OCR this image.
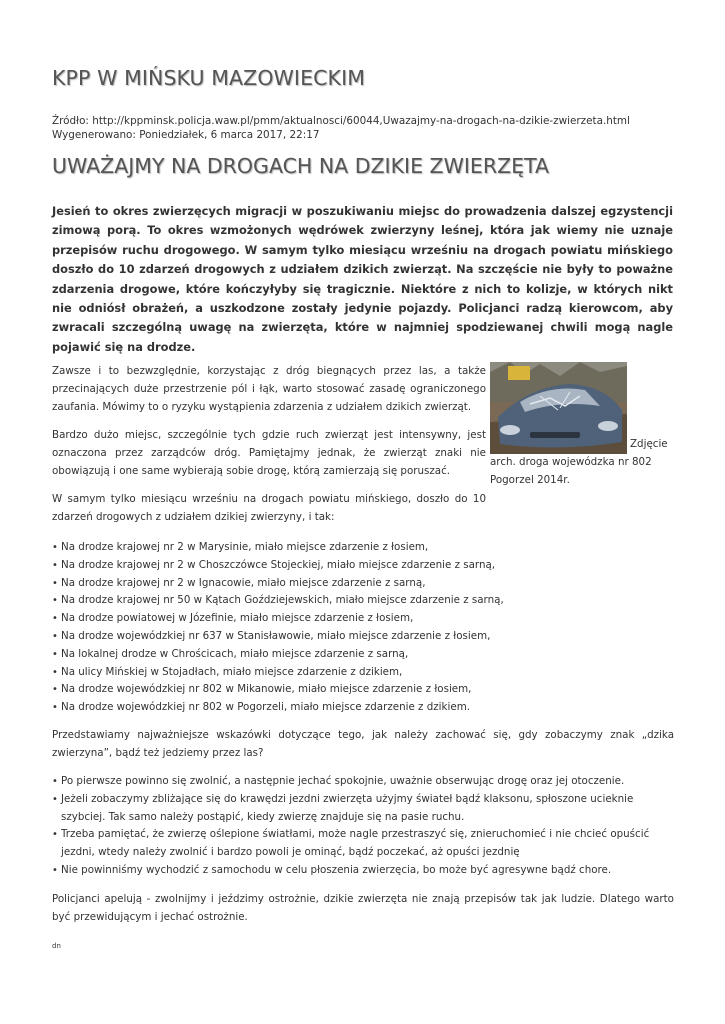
KPP W MIŃSKU MAZOWIECKIM
Źródło: http://kppminsk.policja.waw.pl/pmm/aktualnosci/60044,Uwazajmy-na-drogach-na-dzikie-zwierzeta.html
Wygenerowano: Poniedziałek, 6 marca 2017, 22:17
UWAŻAJMY NA DROGACH NA DZIKIE ZWIERZĘTA

Jesień to okres zwierzęcych migracji w poszukiwaniu miejsc do prowadzenia dalszej egzystencji zimową porą. To okres wzmożonych wędrówek zwierzyny leśnej, która jak wiemy nie uznaje przepisów ruchu drogowego. W samym tylko miesiącu wrześniu na drogach powiatu mińskiego doszło do 10 zdarzeń drogowych z udziałem dzikich zwierząt. Na szczęście nie były to poważne zdarzenia drogowe, które kończyłyby się tragicznie. Niektóre z nich to kolizje, w których nikt nie odniósł obrażeń, a uszkodzone zostały jedynie pojazdy. Policjanci radzą kierowcom, aby zwracali szczególną uwagę na zwierzęta, które w najmniej spodziewanej chwili mogą nagle pojawić się na drodze.

Zawsze i to bezwzględnie, korzystając z dróg biegnących przez las, a także przecinających duże przestrzenie pól i łąk, warto stosować zasadę ograniczonego zaufania. Mówimy to o ryzyku wystąpienia zdarzenia z udziałem dzikich zwierząt.

Bardzo dużo miejsc, szczególnie tych gdzie ruch zwierząt jest intensywny, jest oznaczona przez zarządców dróg. Pamiętajmy jednak, że zwierząt znaki nie obowiązują i one same wybierają sobie drogę, którą zamierzają się poruszać.

Zdjęcie arch. droga wojewódzka nr 802 Pogorzel 2014r.

W samym tylko miesiącu wrześniu na drogach powiatu mińskiego, doszło do 10 zdarzeń drogowych z udziałem dzikiej zwierzyny, i tak:

• Na drodze krajowej nr 2 w Marysinie, miało miejsce zdarzenie z łosiem,
• Na drodze krajowej nr 2 w Choszczówce Stojeckiej, miało miejsce zdarzenie z sarną,
• Na drodze krajowej nr 2 w Ignacowie, miało miejsce zdarzenie z sarną,
• Na drodze krajowej nr 50 w Kątach Goździejewskich, miało miejsce zdarzenie z sarną,
• Na drodze powiatowej w Józefinie, miało miejsce zdarzenie z łosiem,
• Na drodze wojewódzkiej nr 637 w Stanisławowie, miało miejsce zdarzenie z łosiem,
• Na lokalnej drodze w Chrościcach, miało miejsce zdarzenie z sarną,
• Na ulicy Mińskiej w Stojadłach, miało miejsce zdarzenie z dzikiem,
• Na drodze wojewódzkiej nr 802 w Mikanowie, miało miejsce zdarzenie z łosiem,
• Na drodze wojewódzkiej nr 802 w Pogorzeli, miało miejsce zdarzenie z dzikiem.

Przedstawiamy najważniejsze wskazówki dotyczące tego, jak należy zachować się, gdy zobaczymy znak „dzika zwierzyna”, bądź też jedziemy przez las?

• Po pierwsze powinno się zwolnić, a następnie jechać spokojnie, uważnie obserwując drogę oraz jej otoczenie.
• Jeżeli zobaczymy zbliżające się do krawędzi jezdni zwierzęta użyjmy świateł bądź klaksonu, spłoszone ucieknie szybciej. Tak samo należy postąpić, kiedy zwierzę znajduje się na pasie ruchu.
• Trzeba pamiętać, że zwierzę oślepione światłami, może nagle przestraszyć się, znieruchomieć i nie chcieć opuścić jezdni, wtedy należy zwolnić i bardzo powoli je ominąć, bądź poczekać, aż opuści jezdnię
• Nie powinniśmy wychodzić z samochodu w celu płoszenia zwierzęcia, bo może być agresywne bądź chore.

Policjanci apelują - zwolnijmy i jeździmy ostrożnie, dzikie zwierzęta nie znają przepisów tak jak ludzie. Dlatego warto być przewidującym i jechać ostrożnie.

dn
